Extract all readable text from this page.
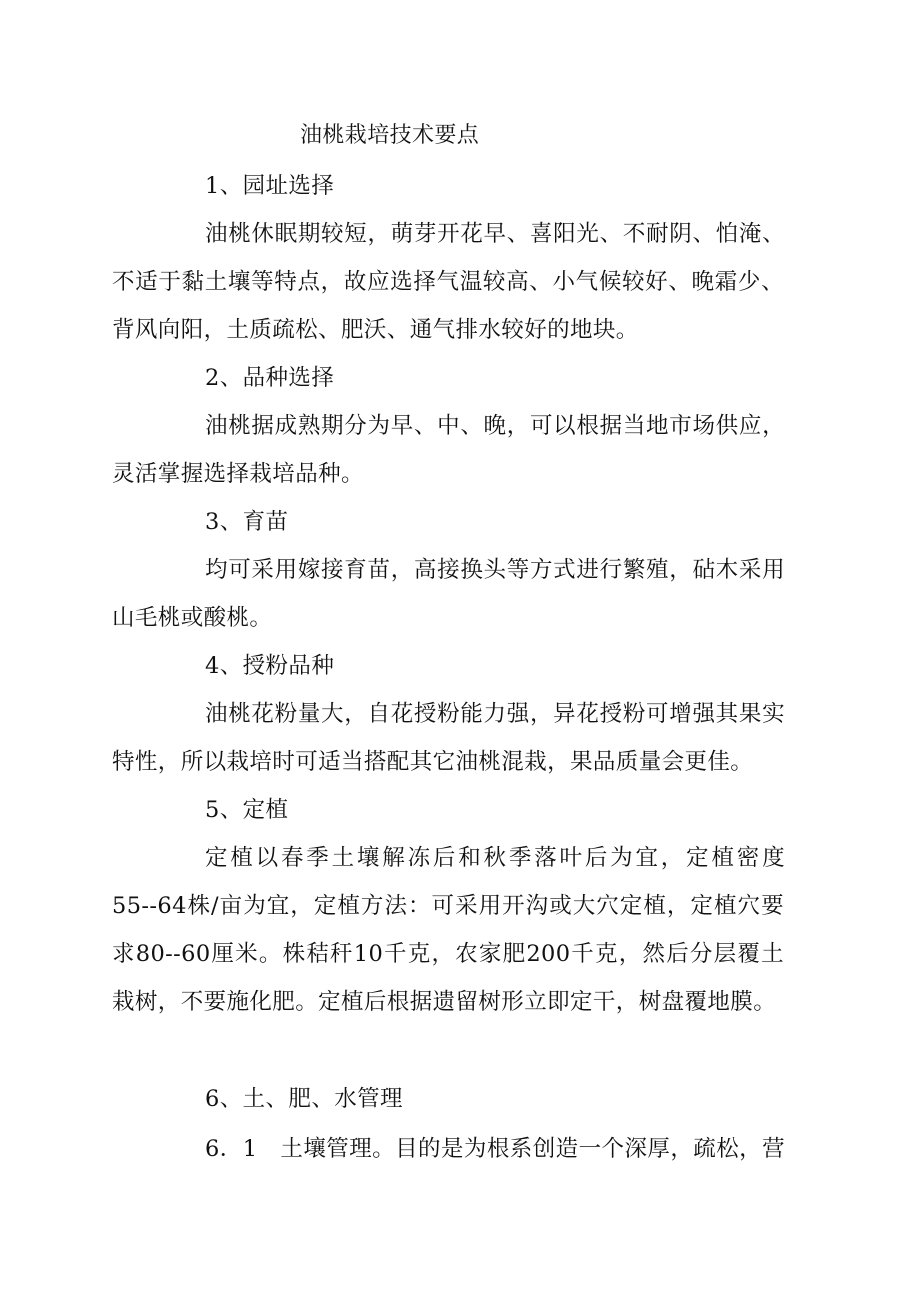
油桃栽培技术要点
1、园址选择
油桃休眠期较短，萌芽开花早、喜阳光、不耐阴、怕淹、
不适于黏土壤等特点，故应选择气温较高、小气候较好、晚霜少、
背风向阳，土质疏松、肥沃、通气排水较好的地块。
2、品种选择
油桃据成熟期分为早、中、晚，可以根据当地市场供应，
灵活掌握选择栽培品种。
3、育苗
均可采用嫁接育苗，高接换头等方式进行繁殖，砧木采用
山毛桃或酸桃。
4、授粉品种
油桃花粉量大，自花授粉能力强，异花授粉可增强其果实
特性，所以栽培时可适当搭配其它油桃混栽，果品质量会更佳。
5、定植
定植以春季土壤解冻后和秋季落叶后为宜，定植密度
55--64株/亩为宜，定植方法：可采用开沟或大穴定植，定植穴要
求80--60厘米。株秸秆10千克，农家肥200千克，然后分层覆土
栽树，不要施化肥。定植后根据遗留树形立即定干，树盘覆地膜。
6、土、肥、水管理
6．1　土壤管理。目的是为根系创造一个深厚，疏松，营
